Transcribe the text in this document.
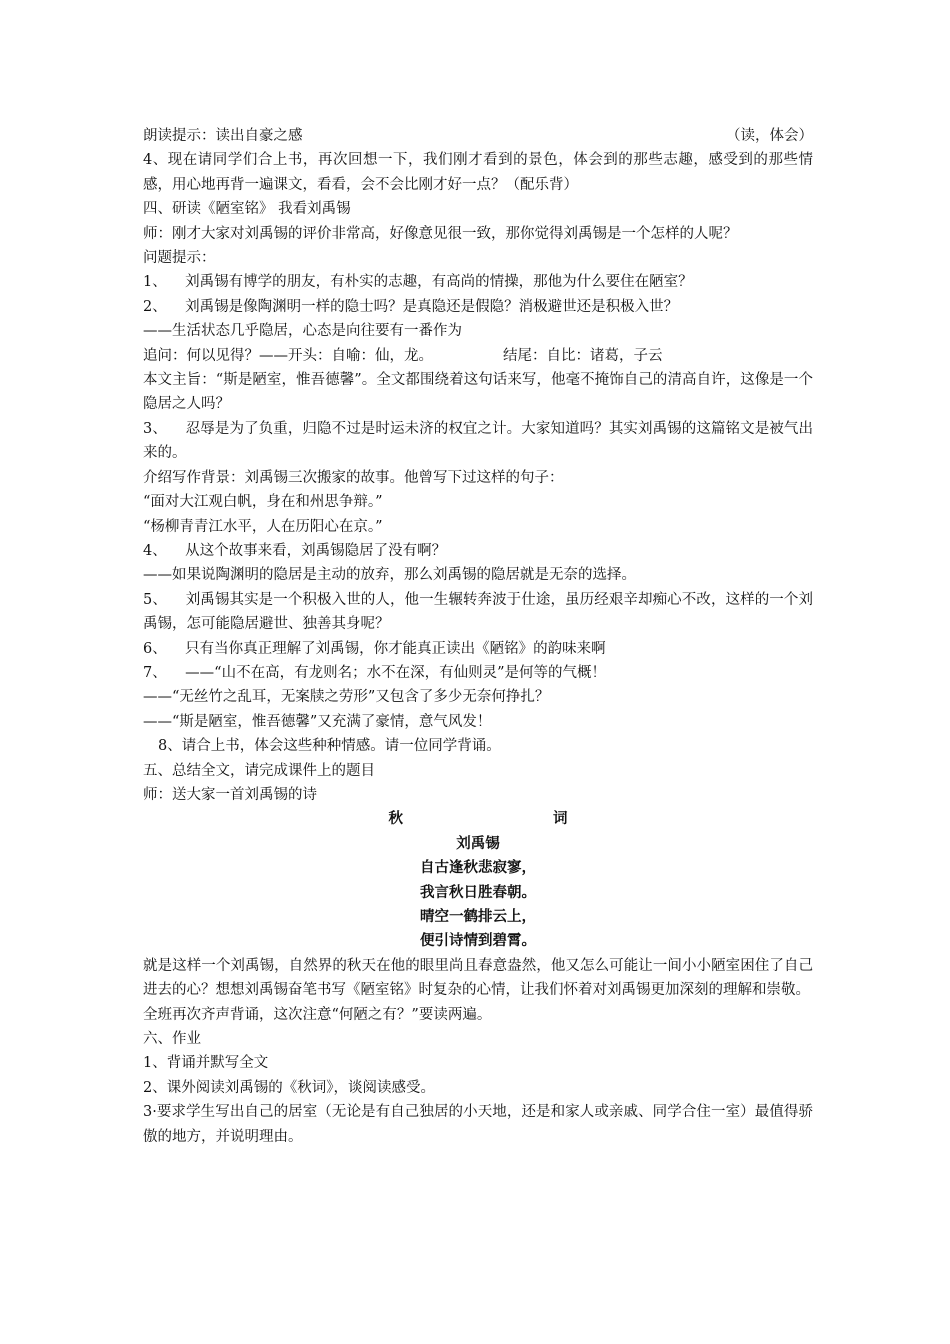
朗读提示：读出自豪之感	（读，体会）

4、现在请同学们合上书，再次回想一下，我们刚才看到的景色，体会到的那些志趣，感受到的那些情感，用心地再背一遍课文，看看，会不会比刚才好一点？（配乐背）

四、研读《陋室铭》 我看刘禹锡

师：刚才大家对刘禹锡的评价非常高，好像意见很一致，那你觉得刘禹锡是一个怎样的人呢？

问题提示：

1、    刘禹锡有博学的朋友，有朴实的志趣，有高尚的情操，那他为什么要住在陋室？

2、    刘禹锡是像陶渊明一样的隐士吗？是真隐还是假隐？消极避世还是积极入世？

——生活状态几乎隐居，心态是向往要有一番作为

追问：何以见得？——开头：自喻：仙，龙。	结尾：自比：诸葛，子云

本文主旨：“斯是陋室，惟吾德馨”。全文都围绕着这句话来写，他毫不掩饰自己的清高自许，这像是一个隐居之人吗？

3、    忍辱是为了负重，归隐不过是时运未济的权宜之计。大家知道吗？其实刘禹锡的这篇铭文是被气出来的。

介绍写作背景：刘禹锡三次搬家的故事。他曾写下过这样的句子：

“面对大江观白帆，身在和州思争辩。”

“杨柳青青江水平，人在历阳心在京。”

4、    从这个故事来看，刘禹锡隐居了没有啊？

——如果说陶渊明的隐居是主动的放弃，那么刘禹锡的隐居就是无奈的选择。

5、    刘禹锡其实是一个积极入世的人，他一生辗转奔波于仕途，虽历经艰辛却痴心不改，这样的一个刘禹锡，怎可能隐居避世、独善其身呢？

6、    只有当你真正理解了刘禹锡，你才能真正读出《陋铭》的韵味来啊

7、    ——“山不在高，有龙则名；水不在深，有仙则灵”是何等的气概！

——“无丝竹之乱耳，无案牍之劳形”又包含了多少无奈何挣扎？

——“斯是陋室，惟吾德馨”又充满了豪情，意气风发！

8、请合上书，体会这些种种情感。请一位同学背诵。

五、总结全文，请完成课件上的题目

师：送大家一首刘禹锡的诗

秋	词
刘禹锡
自古逢秋悲寂寥，
我言秋日胜春朝。
晴空一鹤排云上，
便引诗情到碧霄。

就是这样一个刘禹锡，自然界的秋天在他的眼里尚且春意盎然，他又怎么可能让一间小小陋室困住了自己进去的心？想想刘禹锡奋笔书写《陋室铭》时复杂的心情，让我们怀着对刘禹锡更加深刻的理解和崇敬。

全班再次齐声背诵，这次注意“何陋之有？”要读两遍。

六、作业

1、背诵并默写全文

2、课外阅读刘禹锡的《秋词》，谈阅读感受。

3·要求学生写出自己的居室（无论是有自己独居的小天地，还是和家人或亲戚、同学合住一室）最值得骄傲的地方，并说明理由。
